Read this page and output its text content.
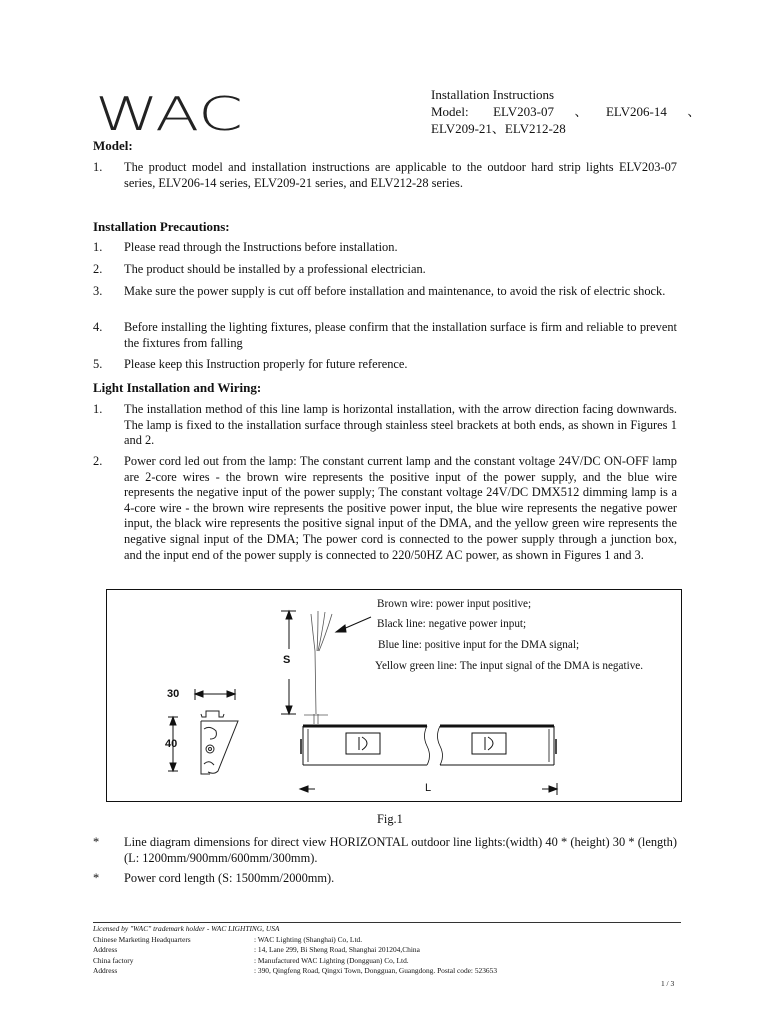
WAC	Installation Instructions
Model: ELV203-07 、 ELV206-14 、
ELV209-21、ELV212-28
Model:
1. The product model and installation instructions are applicable to the outdoor hard strip lights ELV203-07 series, ELV206-14 series, ELV209-21 series, and ELV212-28 series.
Installation Precautions:
1. Please read through the Instructions before installation.
2. The product should be installed by a professional electrician.
3. Make sure the power supply is cut off before installation and maintenance, to avoid the risk of electric shock.
4. Before installing the lighting fixtures, please confirm that the installation surface is firm and reliable to prevent the fixtures from falling
5. Please keep this Instruction properly for future reference.
Light Installation and Wiring:
1. The installation method of this line lamp is horizontal installation, with the arrow direction facing downwards. The lamp is fixed to the installation surface through stainless steel brackets at both ends, as shown in Figures 1 and 2.
2. Power cord led out from the lamp: The constant current lamp and the constant voltage 24V/DC ON-OFF lamp are 2-core wires - the brown wire represents the positive input of the power supply, and the blue wire represents the negative input of the power supply; The constant voltage 24V/DC DMX512 dimming lamp is a 4-core wire - the brown wire represents the positive power input, the blue wire represents the negative power input, the black wire represents the positive signal input of the DMA, and the yellow green wire represents the negative signal input of the DMA; The power cord is connected to the power supply through a junction box, and the input end of the power supply is connected to 220/50HZ AC power, as shown in Figures 1 and 3.
Brown wire: power input positive;
Black line: negative power input;
Blue line: positive input for the DMA signal;
Yellow green line: The input signal of the DMA is negative.
S
30
40
L
Fig.1
* Line diagram dimensions for direct view HORIZONTAL outdoor line lights:(width) 40 * (height) 30 * (length) (L: 1200mm/900mm/600mm/300mm).
* Power cord length (S: 1500mm/2000mm).
Licensed by "WAC" trademark holder - WAC LIGHTING, USA
Chinese Marketing Headquarters	: WAC Lighting (Shanghai) Co, Ltd.
Address	: 14, Lane 299, Bi Sheng Road, Shanghai 201204,China
China factory	: Manufactured WAC Lighting (Dongguan) Co, Ltd.
Address	: 390, Qingfeng Road, Qingxi Town, Dongguan, Guangdong. Postal code: 523653
1 / 3
